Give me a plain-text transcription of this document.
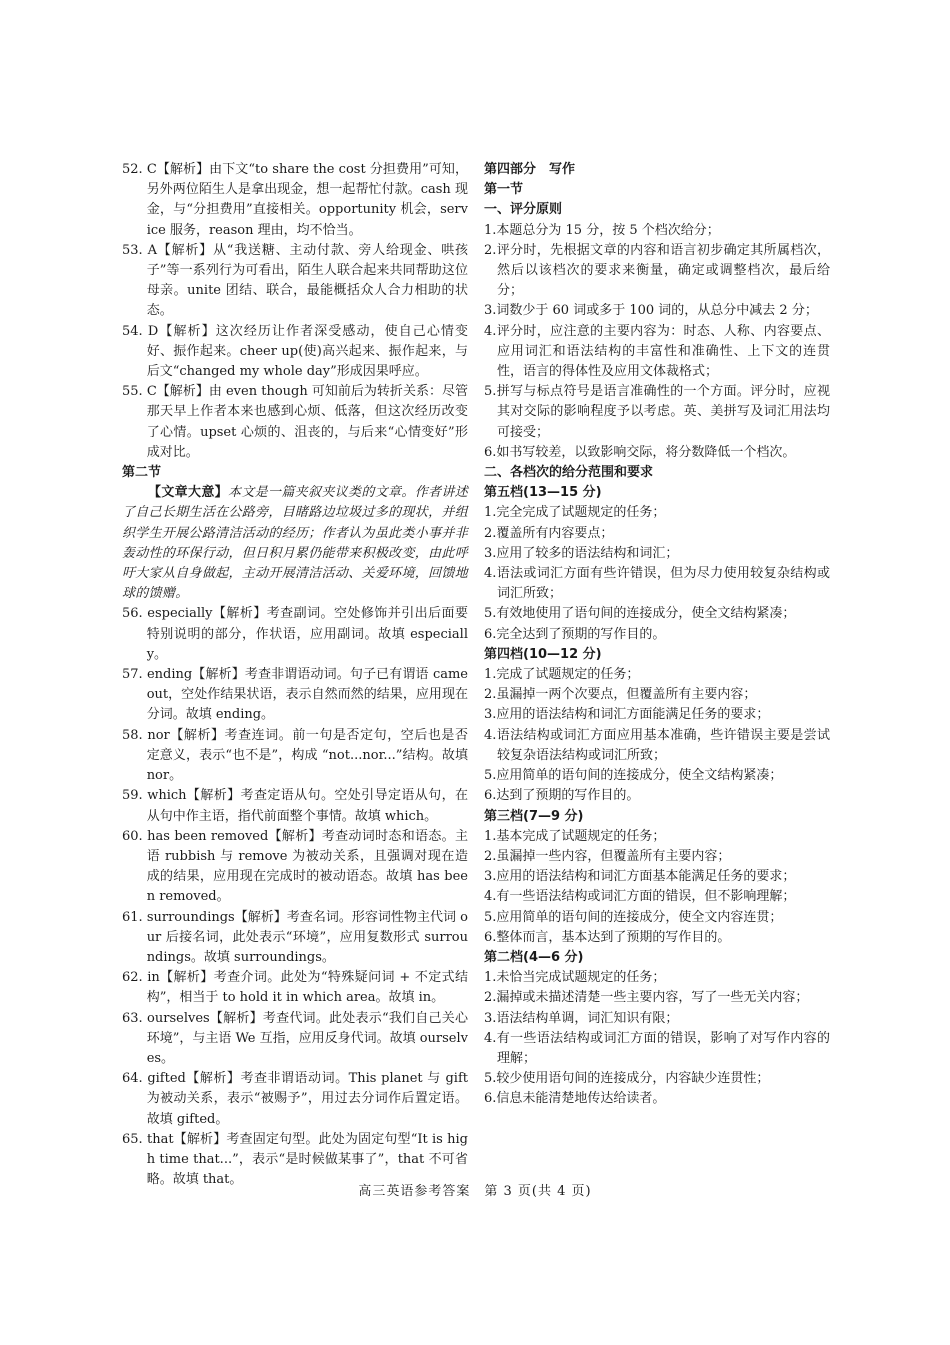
52. C【解析】由下文“to share the cost 分担费用”可知，另外两位陌生人是拿出现金，想一起帮忙付款。cash 现金，与“分担费用”直接相关。opportunity 机会，service 服务，reason 理由，均不恰当。
53. A【解析】从“我送糖、主动付款、旁人给现金、哄孩子”等一系列行为可看出，陌生人联合起来共同帮助这位母亲。unite 团结、联合，最能概括众人合力相助的状态。
54. D【解析】这次经历让作者深受感动，使自己心情变好、振作起来。cheer up(使)高兴起来、振作起来，与后文“changed my whole day”形成因果呼应。
55. C【解析】由 even though 可知前后为转折关系：尽管那天早上作者本来也感到心烦、低落，但这次经历改变了心情。upset 心烦的、沮丧的，与后来“心情变好”形成对比。
第二节
【文章大意】本文是一篇夹叙夹议类的文章。作者讲述了自己长期生活在公路旁，目睹路边垃圾过多的现状，并组织学生开展公路清洁活动的经历；作者认为虽此类小事并非轰动性的环保行动，但日积月累仍能带来积极改变，由此呼吁大家从自身做起，主动开展清洁活动、关爱环境，回馈地球的馈赠。
56. especially【解析】考查副词。空处修饰并引出后面要特别说明的部分，作状语，应用副词。故填 especially。
57. ending【解析】考查非谓语动词。句子已有谓语 came out，空处作结果状语，表示自然而然的结果，应用现在分词。故填 ending。
58. nor【解析】考查连词。前一句是否定句，空后也是否定意义，表示“也不是”，构成 “not...nor...”结构。故填 nor。
59. which【解析】考查定语从句。空处引导定语从句，在从句中作主语，指代前面整个事情。故填 which。
60. has been removed【解析】考查动词时态和语态。主语 rubbish 与 remove 为被动关系，且强调对现在造成的结果，应用现在完成时的被动语态。故填 has been removed。
61. surroundings【解析】考查名词。形容词性物主代词 our 后接名词，此处表示“环境”，应用复数形式 surroundings。故填 surroundings。
62. in【解析】考查介词。此处为“特殊疑问词 + 不定式结构”，相当于 to hold it in which area。故填 in。
63. ourselves【解析】考查代词。此处表示“我们自己关心环境”，与主语 We 互指，应用反身代词。故填 ourselves。
64. gifted【解析】考查非谓语动词。This planet 与 gift 为被动关系，表示“被赐予”，用过去分词作后置定语。故填 gifted。
65. that【解析】考查固定句型。此处为固定句型“It is high time that...”，表示“是时候做某事了”，that 不可省略。故填 that。
第四部分　写作
第一节
一、评分原则
1.本题总分为 15 分，按 5 个档次给分；
2.评分时，先根据文章的内容和语言初步确定其所属档次，然后以该档次的要求来衡量，确定或调整档次，最后给分；
3.词数少于 60 词或多于 100 词的，从总分中减去 2 分；
4.评分时，应注意的主要内容为：时态、人称、内容要点、应用词汇和语法结构的丰富性和准确性、上下文的连贯性，语言的得体性及应用文体裁格式；
5.拼写与标点符号是语言准确性的一个方面。评分时，应视其对交际的影响程度予以考虑。英、美拼写及词汇用法均可接受；
6.如书写较差，以致影响交际，将分数降低一个档次。
二、各档次的给分范围和要求
第五档(13—15 分)
1.完全完成了试题规定的任务；
2.覆盖所有内容要点；
3.应用了较多的语法结构和词汇；
4.语法或词汇方面有些许错误，但为尽力使用较复杂结构或词汇所致；
5.有效地使用了语句间的连接成分，使全文结构紧凑；
6.完全达到了预期的写作目的。
第四档(10—12 分)
1.完成了试题规定的任务；
2.虽漏掉一两个次要点，但覆盖所有主要内容；
3.应用的语法结构和词汇方面能满足任务的要求；
4.语法结构或词汇方面应用基本准确，些许错误主要是尝试较复杂语法结构或词汇所致；
5.应用简单的语句间的连接成分，使全文结构紧凑；
6.达到了预期的写作目的。
第三档(7—9 分)
1.基本完成了试题规定的任务；
2.虽漏掉一些内容，但覆盖所有主要内容；
3.应用的语法结构和词汇方面基本能满足任务的要求；
4.有一些语法结构或词汇方面的错误，但不影响理解；
5.应用简单的语句间的连接成分，使全文内容连贯；
6.整体而言，基本达到了预期的写作目的。
第二档(4—6 分)
1.未恰当完成试题规定的任务；
2.漏掉或未描述清楚一些主要内容，写了一些无关内容；
3.语法结构单调，词汇知识有限；
4.有一些语法结构或词汇方面的错误，影响了对写作内容的理解；
5.较少使用语句间的连接成分，内容缺少连贯性；
6.信息未能清楚地传达给读者。
高三英语参考答案　第 3 页(共 4 页)
